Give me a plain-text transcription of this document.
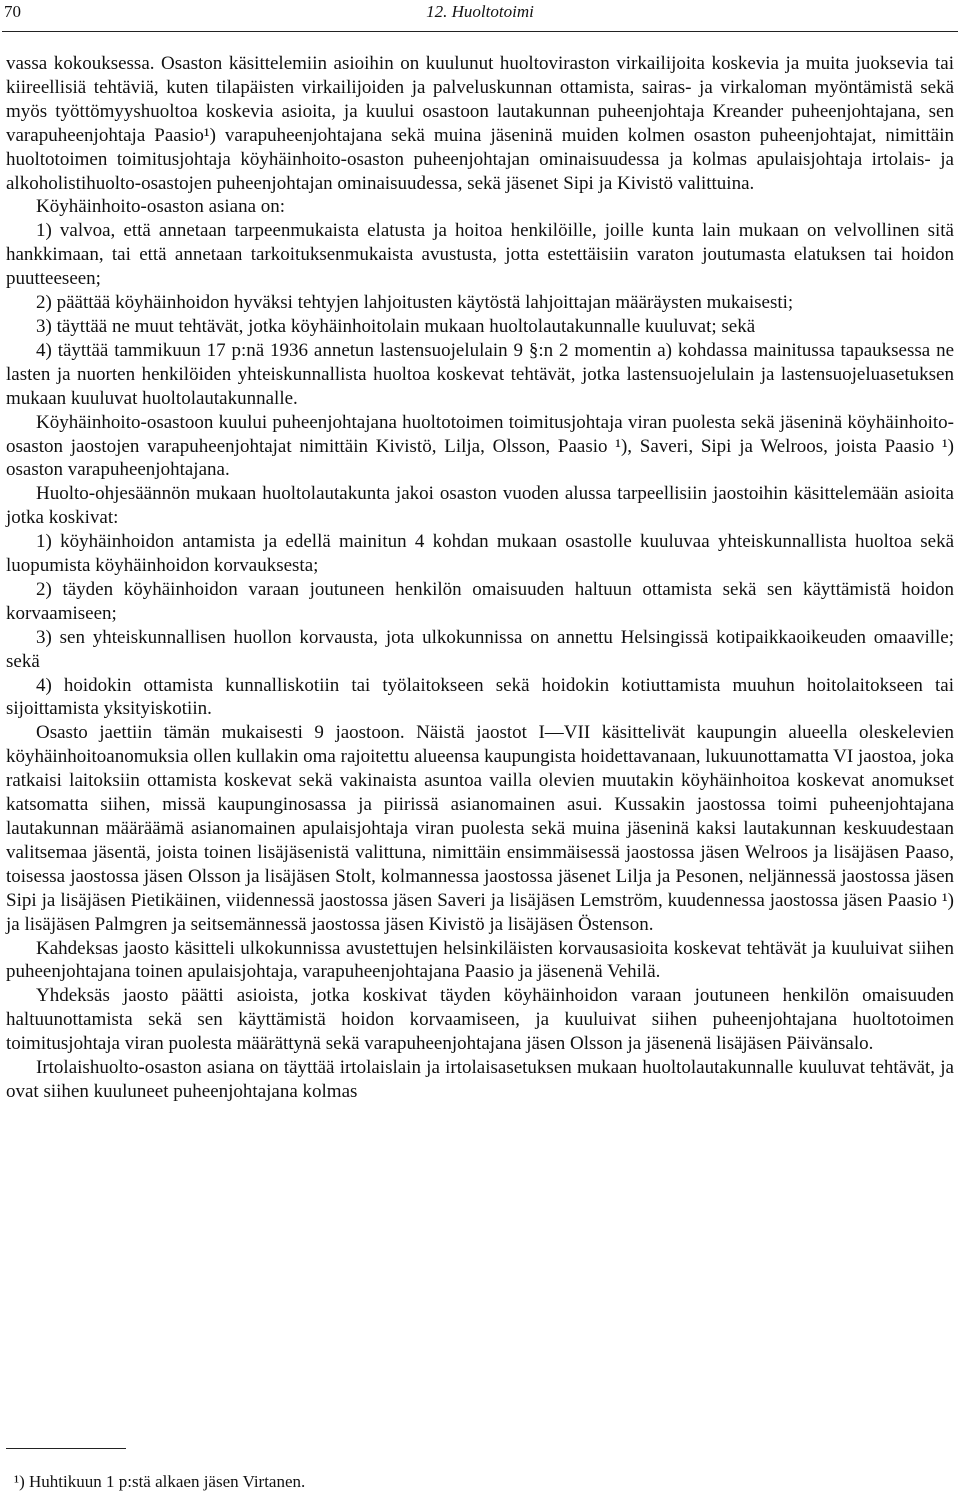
70	12. Huoltotoimi

vassa kokouksessa. Osaston käsittelemiin asioihin on kuulunut huoltoviraston virkailijoita koskevia ja muita juoksevia tai kiireellisiä tehtäviä, kuten tilapäisten virkailijoiden ja palveluskunnan ottamista, sairas- ja virkaloman myöntämistä sekä myös työttömyyshuoltoa koskevia asioita, ja kuului osastoon lautakunnan puheenjohtaja Kreander puheenjohtajana, sen varapuheenjohtaja Paasio¹) varapuheenjohtajana sekä muina jäseninä muiden kolmen osaston puheenjohtajat, nimittäin huoltotoimen toimitusjohtaja köyhäinhoito-osaston puheenjohtajan ominaisuudessa ja kolmas apulaisjohtaja irtolais- ja alkoholistihuolto-osastojen puheenjohtajan ominaisuudessa, sekä jäsenet Sipi ja Kivistö valittuina.

Köyhäinhoito-osaston asiana on:

1) valvoa, että annetaan tarpeenmukaista elatusta ja hoitoa henkilöille, joille kunta lain mukaan on velvollinen sitä hankkimaan, tai että annetaan tarkoituksenmukaista avustusta, jotta estettäisiin varaton joutumasta elatuksen tai hoidon puutteeseen;

2) päättää köyhäinhoidon hyväksi tehtyjen lahjoitusten käytöstä lahjoittajan määräysten mukaisesti;

3) täyttää ne muut tehtävät, jotka köyhäinhoitolain mukaan huoltolautakunnalle kuuluvat; sekä

4) täyttää tammikuun 17 p:nä 1936 annetun lastensuojelulain 9 §:n 2 momentin a) kohdassa mainitussa tapauksessa ne lasten ja nuorten henkilöiden yhteiskunnallista huoltoa koskevat tehtävät, jotka lastensuojelulain ja lastensuojeluasetuksen mukaan kuuluvat huoltolautakunnalle.

Köyhäinhoito-osastoon kuului puheenjohtajana huoltotoimen toimitusjohtaja viran puolesta sekä jäseninä köyhäinhoito-osaston jaostojen varapuheenjohtajat nimittäin Kivistö, Lilja, Olsson, Paasio ¹), Saveri, Sipi ja Welroos, joista Paasio ¹) osaston varapuheenjohtajana.

Huolto-ohjesäännön mukaan huoltolautakunta jakoi osaston vuoden alussa tarpeellisiin jaostoihin käsittelemään asioita jotka koskivat:

1) köyhäinhoidon antamista ja edellä mainitun 4 kohdan mukaan osastolle kuuluvaa yhteiskunnallista huoltoa sekä luopumista köyhäinhoidon korvauksesta;

2) täyden köyhäinhoidon varaan joutuneen henkilön omaisuuden haltuun ottamista sekä sen käyttämistä hoidon korvaamiseen;

3) sen yhteiskunnallisen huollon korvausta, jota ulkokunnissa on annettu Helsingissä kotipaikkaoikeuden omaaville; sekä

4) hoidokin ottamista kunnalliskotiin tai työlaitokseen sekä hoidokin kotiuttamista muuhun hoitolaitokseen tai sijoittamista yksityiskotiin.

Osasto jaettiin tämän mukaisesti 9 jaostoon. Näistä jaostot I—VII käsittelivät kaupungin alueella oleskelevien köyhäinhoitoanomuksia ollen kullakin oma rajoitettu alueensa kaupungista hoidettavanaan, lukuunottamatta VI jaostoa, joka ratkaisi laitoksiin ottamista koskevat sekä vakinaista asuntoa vailla olevien muutakin köyhäinhoitoa koskevat anomukset katsomatta siihen, missä kaupunginosassa ja piirissä asianomainen asui. Kussakin jaostossa toimi puheenjohtajana lautakunnan määräämä asianomainen apulaisjohtaja viran puolesta sekä muina jäseninä kaksi lautakunnan keskuudestaan valitsemaa jäsentä, joista toinen lisäjäsenistä valittuna, nimittäin ensimmäisessä jaostossa jäsen Welroos ja lisäjäsen Paaso, toisessa jaostossa jäsen Olsson ja lisäjäsen Stolt, kolmannessa jaostossa jäsenet Lilja ja Pesonen, neljännessä jaostossa jäsen Sipi ja lisäjäsen Pietikäinen, viidennessä jaostossa jäsen Saveri ja lisäjäsen Lemström, kuudennessa jaostossa jäsen Paasio ¹) ja lisäjäsen Palmgren ja seitsemännessä jaostossa jäsen Kivistö ja lisäjäsen Östenson.

Kahdeksas jaosto käsitteli ulkokunnissa avustettujen helsinkiläisten korvausasioita koskevat tehtävät ja kuuluivat siihen puheenjohtajana toinen apulaisjohtaja, varapuheenjohtajana Paasio ja jäsenenä Vehilä.

Yhdeksäs jaosto päätti asioista, jotka koskivat täyden köyhäinhoidon varaan joutuneen henkilön omaisuuden haltuunottamista sekä sen käyttämistä hoidon korvaamiseen, ja kuuluivat siihen puheenjohtajana huoltotoimen toimitusjohtaja viran puolesta määrättynä sekä varapuheenjohtajana jäsen Olsson ja jäsenenä lisäjäsen Päivänsalo.

Irtolaishuolto-osaston asiana on täyttää irtolaislain ja irtolaisasetuksen mukaan huoltolautakunnalle kuuluvat tehtävät, ja ovat siihen kuuluneet puheenjohtajana kolmas

¹) Huhtikuun 1 p:stä alkaen jäsen Virtanen.
